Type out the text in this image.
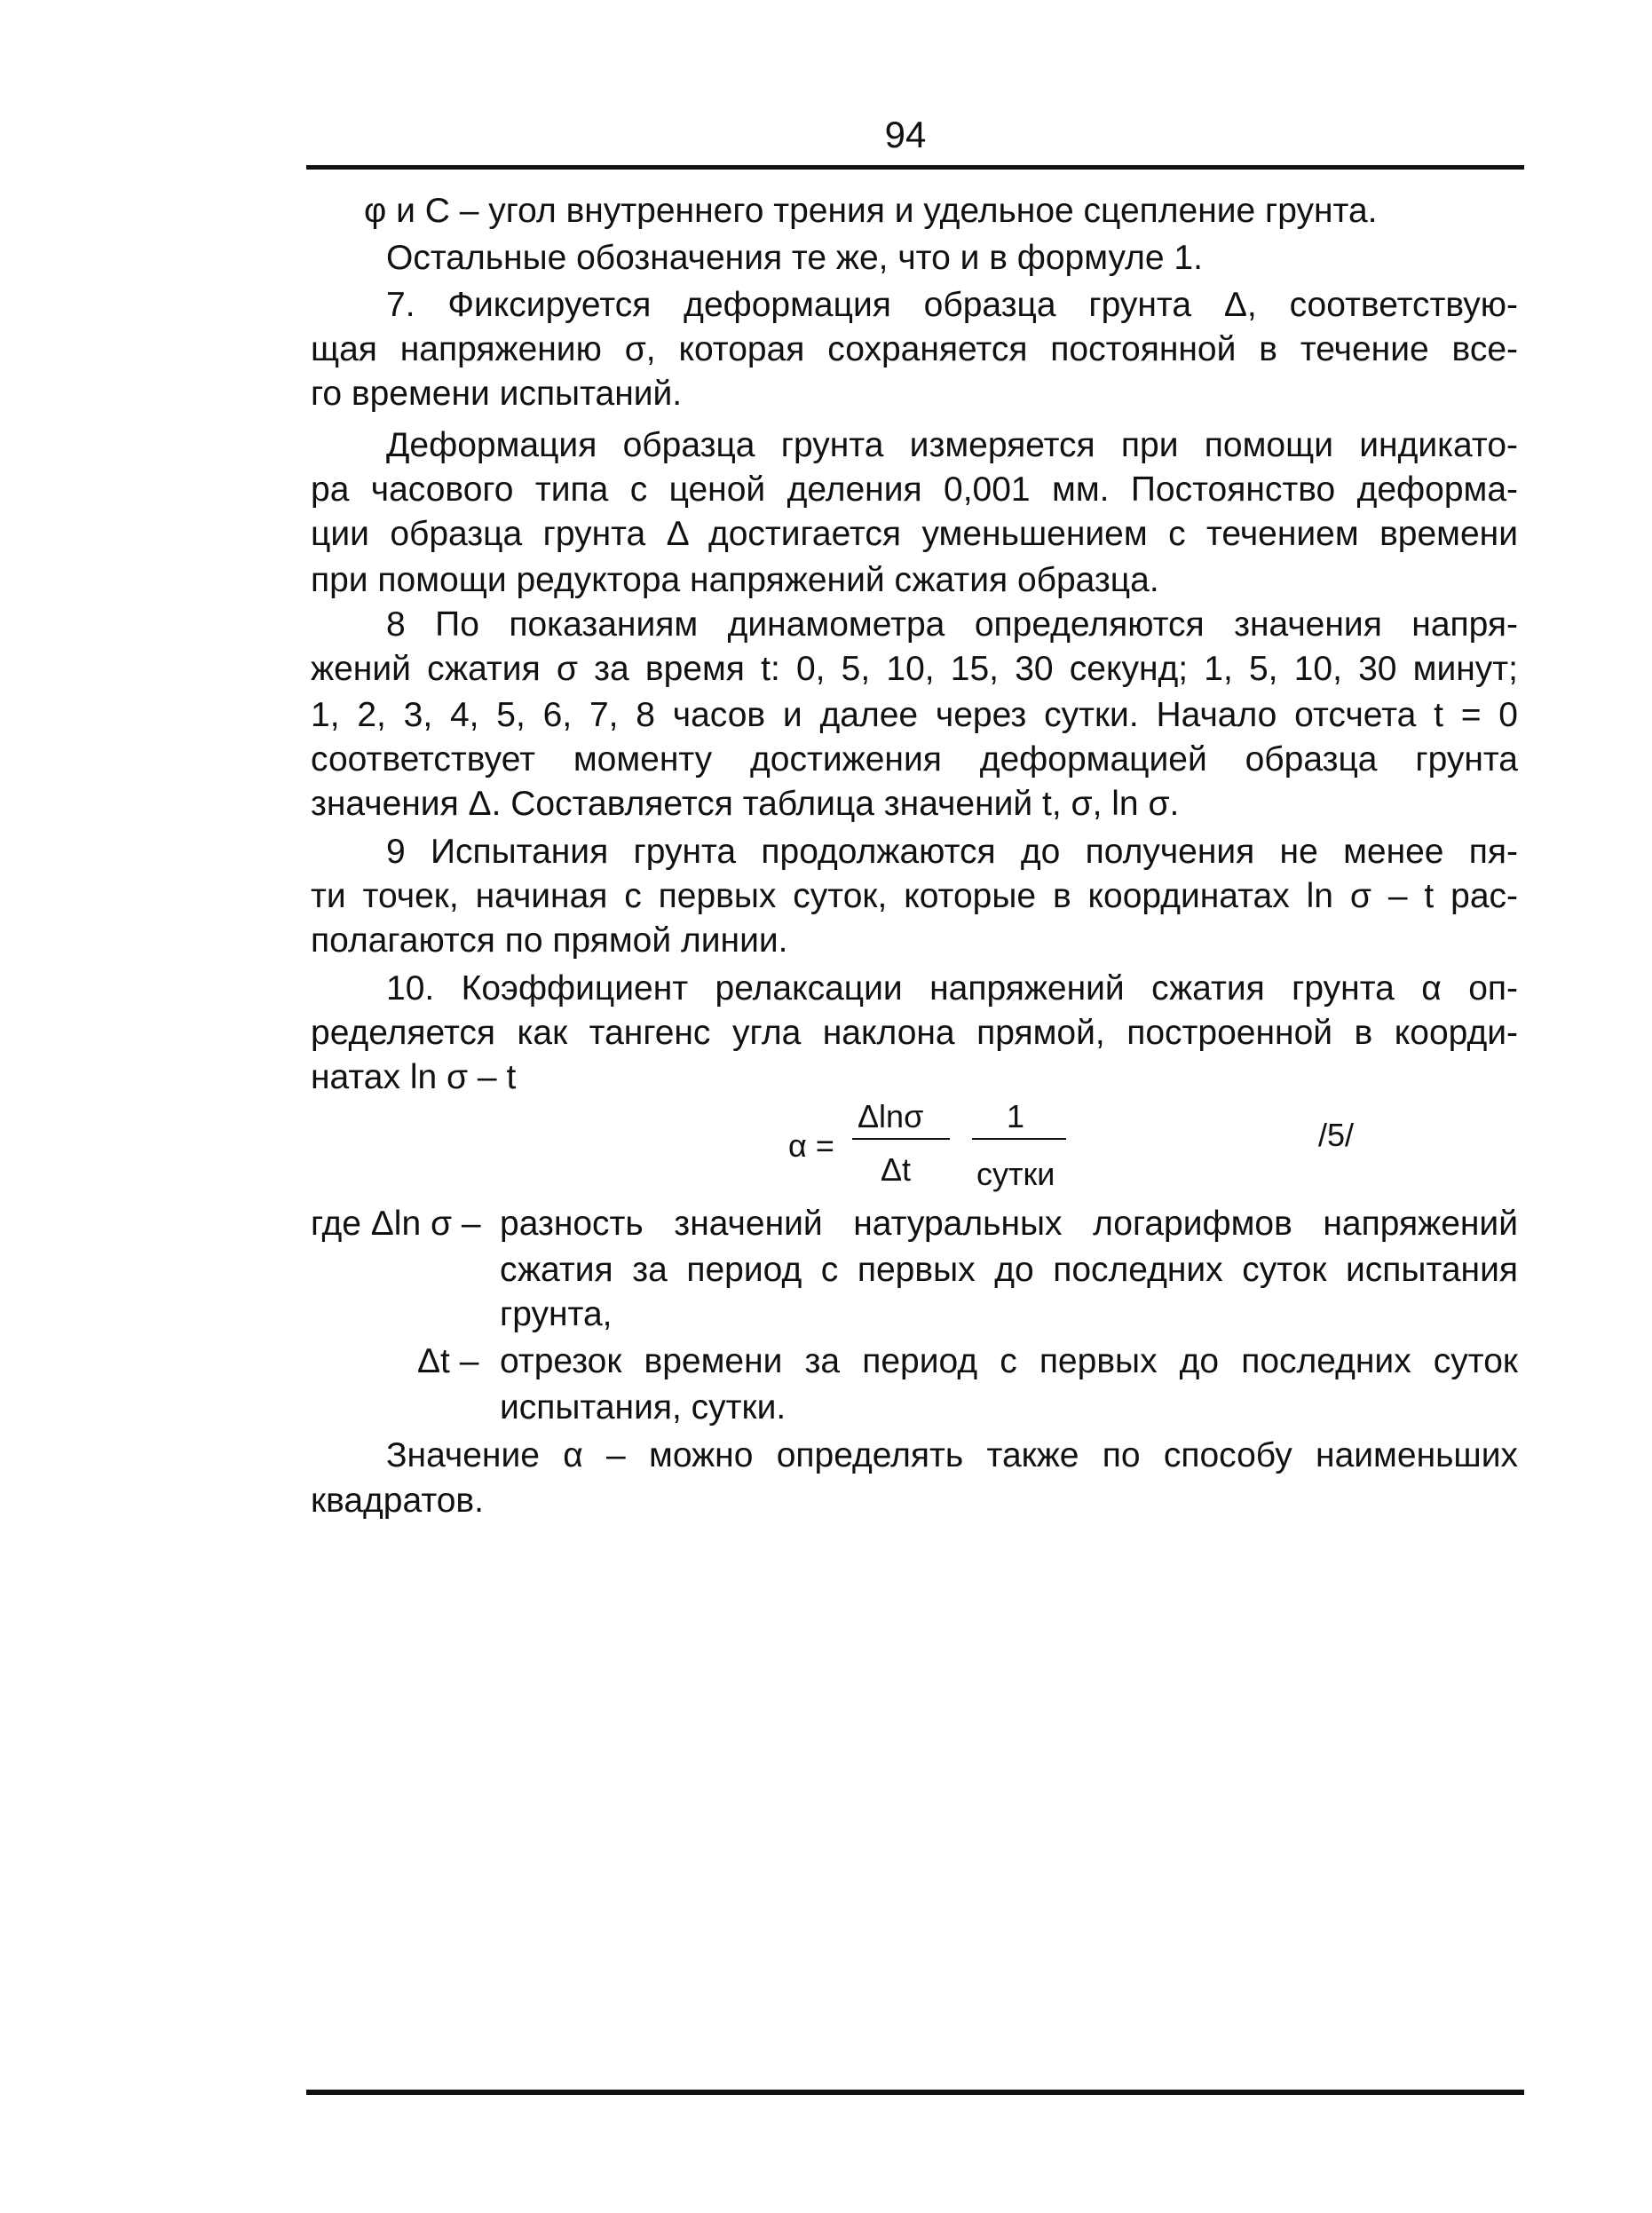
94
φ и С – угол внутреннего трения и удельное сцепление грунта.
Остальные обозначения те же, что и в формуле 1.
7. Фиксируется деформация образца грунта Δ, соответствую-
щая напряжению σ, которая сохраняется постоянной в течение все-
го времени испытаний.
Деформация образца грунта измеряется при помощи индикато-
ра часового типа с ценой деления 0,001 мм. Постоянство деформа-
ции образца грунта Δ достигается уменьшением с течением времени
при помощи редуктора напряжений сжатия образца.
8 По показаниям динамометра определяются значения напря-
жений сжатия σ за время t: 0, 5, 10, 15, 30 секунд; 1, 5, 10, 30 минут;
1, 2, 3, 4, 5, 6, 7, 8 часов и далее через сутки. Начало отсчета t = 0
соответствует моменту достижения деформацией образца грунта
значения Δ. Составляется таблица значений t, σ, ln σ.
9 Испытания грунта продолжаются до получения не менее пя-
ти точек, начиная с первых суток, которые в координатах ln σ – t рас-
полагаются по прямой линии.
10. Коэффициент релаксации напряжений сжатия грунта α оп-
ределяется как тангенс угла наклона прямой, построенной в коорди-
натах ln σ – t
α =
Δlnσ
Δt
1
сутки
/5/
где Δln σ – разность значений натуральных логарифмов напряжений
сжатия за период с первых до последних суток испытания
грунта,
Δt – отрезок времени за период с первых до последних суток
испытания, сутки.
Значение α – можно определять также по способу наименьших
квадратов.
